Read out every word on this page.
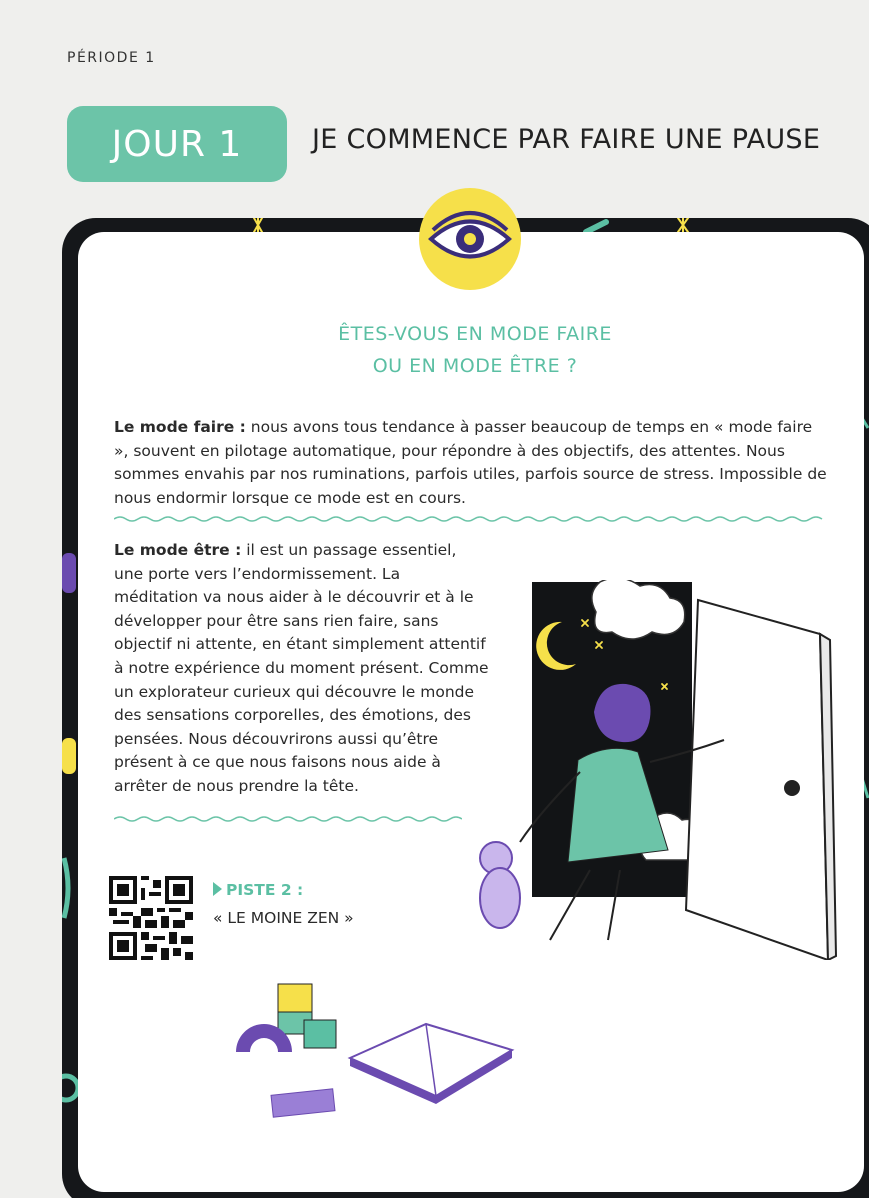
PÉRIODE 1
JOUR 1	JE COMMENCE PAR FAIRE UNE PAUSE
ÊTES-VOUS EN MODE FAIRE
OU EN MODE ÊTRE ?
Le mode faire : nous avons tous tendance à passer beaucoup de temps en « mode faire », souvent en pilotage automatique, pour répondre à des objectifs, des attentes. Nous sommes envahis par nos ruminations, parfois utiles, parfois source de stress. Impossible de nous endormir lorsque ce mode est en cours.
Le mode être : il est un passage essentiel, une porte vers l’endormissement. La méditation va nous aider à le découvrir et à le développer pour être sans rien faire, sans objectif ni attente, en étant simplement attentif à notre expérience du moment présent. Comme un explorateur curieux qui découvre le monde des sensations corporelles, des émotions, des pensées. Nous découvrirons aussi qu’être présent à ce que nous faisons nous aide à arrêter de nous prendre la tête.
PISTE 2 :
« LE MOINE ZEN »
